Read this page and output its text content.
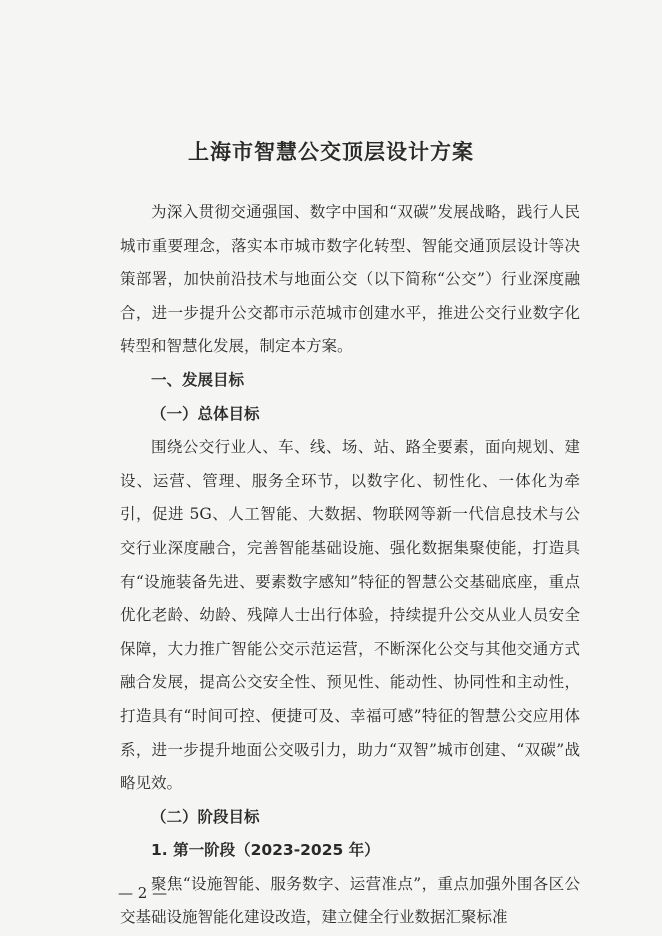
上海市智慧公交顶层设计方案

为深入贯彻交通强国、数字中国和“双碳”发展战略，践行人民城市重要理念，落实本市城市数字化转型、智能交通顶层设计等决策部署，加快前沿技术与地面公交（以下简称“公交”）行业深度融合，进一步提升公交都市示范城市创建水平，推进公交行业数字化转型和智慧化发展，制定本方案。

一、发展目标

（一）总体目标

围绕公交行业人、车、线、场、站、路全要素，面向规划、建设、运营、管理、服务全环节，以数字化、韧性化、一体化为牵引，促进 5G、人工智能、大数据、物联网等新一代信息技术与公交行业深度融合，完善智能基础设施、强化数据集聚使能，打造具有“设施装备先进、要素数字感知”特征的智慧公交基础底座，重点优化老龄、幼龄、残障人士出行体验，持续提升公交从业人员安全保障，大力推广智能公交示范运营，不断深化公交与其他交通方式融合发展，提高公交安全性、预见性、能动性、协同性和主动性，打造具有“时间可控、便捷可及、幸福可感”特征的智慧公交应用体系，进一步提升地面公交吸引力，助力“双智”城市创建、“双碳”战略见效。

（二）阶段目标

1. 第一阶段（2023-2025 年）

聚焦“设施智能、服务数字、运营准点”，重点加强外围各区公交基础设施智能化建设改造，建立健全行业数据汇聚标准

— 2 —
